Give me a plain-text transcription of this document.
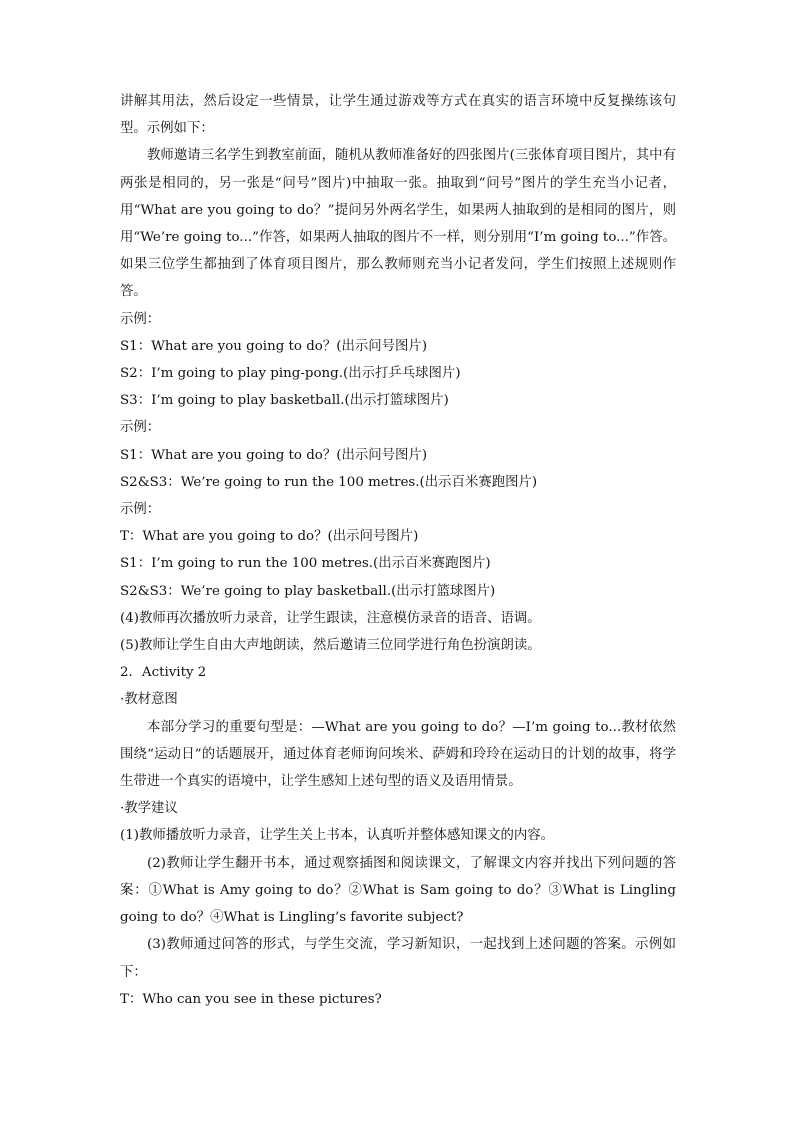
讲解其用法，然后设定一些情景，让学生通过游戏等方式在真实的语言环境中反复操练该句型。示例如下：

教师邀请三名学生到教室前面，随机从教师准备好的四张图片(三张体育项目图片，其中有两张是相同的，另一张是“问号”图片)中抽取一张。抽取到“问号”图片的学生充当小记者，用“What are you going to do？”提问另外两名学生，如果两人抽取到的是相同的图片，则用“We’re going to...”作答，如果两人抽取的图片不一样，则分别用“I’m going to...”作答。如果三位学生都抽到了体育项目图片，那么教师则充当小记者发问，学生们按照上述规则作答。

示例：

S1：What are you going to do？(出示问号图片)

S2：I’m going to play ping-pong.(出示打乒乓球图片)

S3：I’m going to play basketball.(出示打篮球图片)

示例：

S1：What are you going to do？(出示问号图片)

S2&S3：We’re going to run the 100 metres.(出示百米赛跑图片)

示例：

T：What are you going to do？(出示问号图片)

S1：I’m going to run the 100 metres.(出示百米赛跑图片)

S2&S3：We’re going to play basketball.(出示打篮球图片)

(4)教师再次播放听力录音，让学生跟读，注意模仿录音的语音、语调。

(5)教师让学生自由大声地朗读，然后邀请三位同学进行角色扮演朗读。

2．Activity 2

·教材意图

本部分学习的重要句型是：—What are you going to do？—I’m going to...教材依然围绕“运动日”的话题展开，通过体育老师询问埃米、萨姆和玲玲在运动日的计划的故事，将学生带进一个真实的语境中，让学生感知上述句型的语义及语用情景。

·教学建议

(1)教师播放听力录音，让学生关上书本，认真听并整体感知课文的内容。

(2)教师让学生翻开书本，通过观察插图和阅读课文，了解课文内容并找出下列问题的答案：①What is Amy going to do？②What is Sam going to do？③What is Lingling going to do？④What is Lingling’s favorite subject?

(3)教师通过问答的形式，与学生交流，学习新知识，一起找到上述问题的答案。示例如下：

T：Who can you see in these pictures?
